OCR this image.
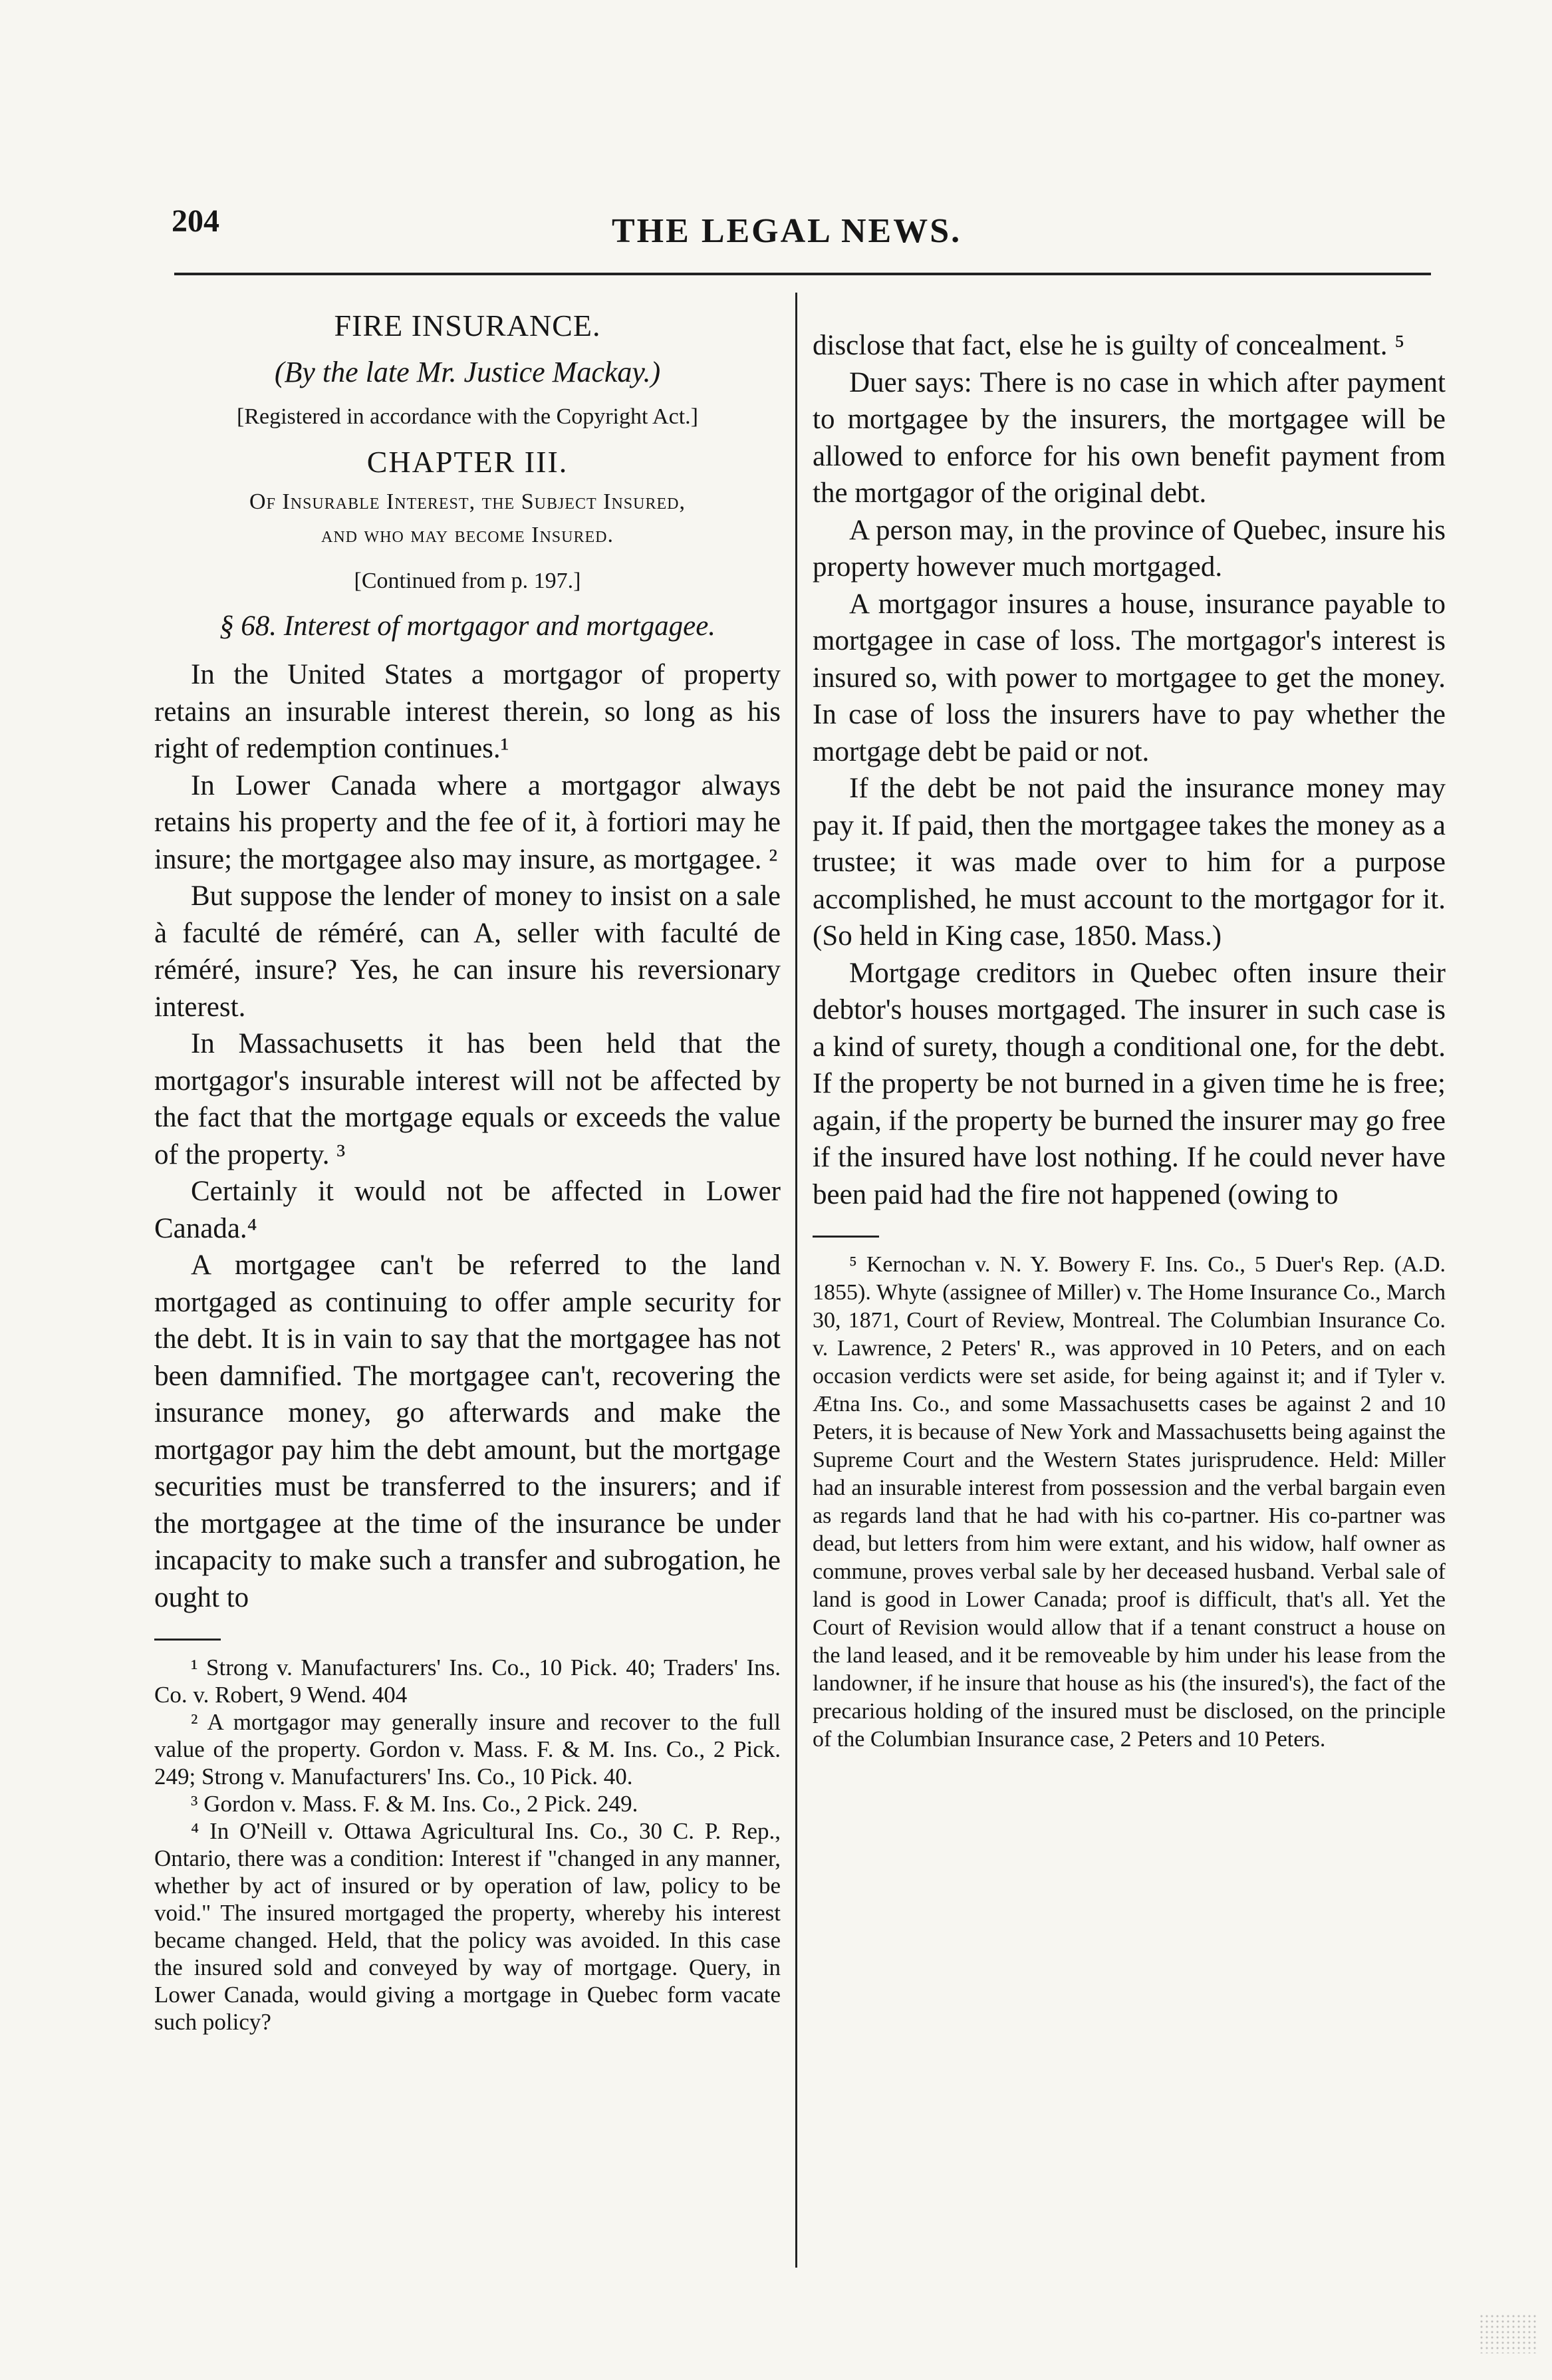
204	THE LEGAL NEWS.
FIRE INSURANCE.
(By the late Mr. Justice Mackay.)
[Registered in accordance with the Copyright Act.]
CHAPTER III.
Of Insurable Interest, the Subject Insured,
and who may become Insured.
[Continued from p. 197.]
§ 68. Interest of mortgagor and mortgagee.

In the United States a mortgagor of property retains an insurable interest therein, so long as his right of redemption continues.¹

In Lower Canada where a mortgagor always retains his property and the fee of it, à fortiori may he insure; the mortgagee also may insure, as mortgagee. ²

But suppose the lender of money to insist on a sale à faculté de réméré, can A, seller with faculté de réméré, insure? Yes, he can insure his reversionary interest.

In Massachusetts it has been held that the mortgagor's insurable interest will not be affected by the fact that the mortgage equals or exceeds the value of the property. ³

Certainly it would not be affected in Lower Canada.⁴

A mortgagee can't be referred to the land mortgaged as continuing to offer ample security for the debt. It is in vain to say that the mortgagee has not been damnified. The mortgagee can't, recovering the insurance money, go afterwards and make the mortgagor pay him the debt amount, but the mortgage securities must be transferred to the insurers; and if the mortgagee at the time of the insurance be under incapacity to make such a transfer and subrogation, he ought to

¹ Strong v. Manufacturers' Ins. Co., 10 Pick. 40; Traders' Ins. Co. v. Robert, 9 Wend. 404

² A mortgagor may generally insure and recover to the full value of the property. Gordon v. Mass. F. & M. Ins. Co., 2 Pick. 249; Strong v. Manufacturers' Ins. Co., 10 Pick. 40.

³ Gordon v. Mass. F. & M. Ins. Co., 2 Pick. 249.

⁴ In O'Neill v. Ottawa Agricultural Ins. Co., 30 C. P. Rep., Ontario, there was a condition: Interest if "changed in any manner, whether by act of insured or by operation of law, policy to be void." The insured mortgaged the property, whereby his interest became changed. Held, that the policy was avoided. In this case the insured sold and conveyed by way of mortgage. Query, in Lower Canada, would giving a mortgage in Quebec form vacate such policy?

disclose that fact, else he is guilty of concealment. ⁵

Duer says: There is no case in which after payment to mortgagee by the insurers, the mortgagee will be allowed to enforce for his own benefit payment from the mortgagor of the original debt.

A person may, in the province of Quebec, insure his property however much mortgaged.

A mortgagor insures a house, insurance payable to mortgagee in case of loss. The mortgagor's interest is insured so, with power to mortgagee to get the money. In case of loss the insurers have to pay whether the mortgage debt be paid or not.

If the debt be not paid the insurance money may pay it. If paid, then the mortgagee takes the money as a trustee; it was made over to him for a purpose accomplished, he must account to the mortgagor for it. (So held in King case, 1850. Mass.)

Mortgage creditors in Quebec often insure their debtor's houses mortgaged. The insurer in such case is a kind of surety, though a conditional one, for the debt. If the property be not burned in a given time he is free; again, if the property be burned the insurer may go free if the insured have lost nothing. If he could never have been paid had the fire not happened (owing to

⁵ Kernochan v. N. Y. Bowery F. Ins. Co., 5 Duer's Rep. (A.D. 1855). Whyte (assignee of Miller) v. The Home Insurance Co., March 30, 1871, Court of Review, Montreal. The Columbian Insurance Co. v. Lawrence, 2 Peters' R., was approved in 10 Peters, and on each occasion verdicts were set aside, for being against it; and if Tyler v. Ætna Ins. Co., and some Massachusetts cases be against 2 and 10 Peters, it is because of New York and Massachusetts being against the Supreme Court and the Western States jurisprudence. Held: Miller had an insurable interest from possession and the verbal bargain even as regards land that he had with his co-partner. His co-partner was dead, but letters from him were extant, and his widow, half owner as commune, proves verbal sale by her deceased husband. Verbal sale of land is good in Lower Canada; proof is difficult, that's all. Yet the Court of Revision would allow that if a tenant construct a house on the land leased, and it be removeable by him under his lease from the landowner, if he insure that house as his (the insured's), the fact of the precarious holding of the insured must be disclosed, on the principle of the Columbian Insurance case, 2 Peters and 10 Peters.
